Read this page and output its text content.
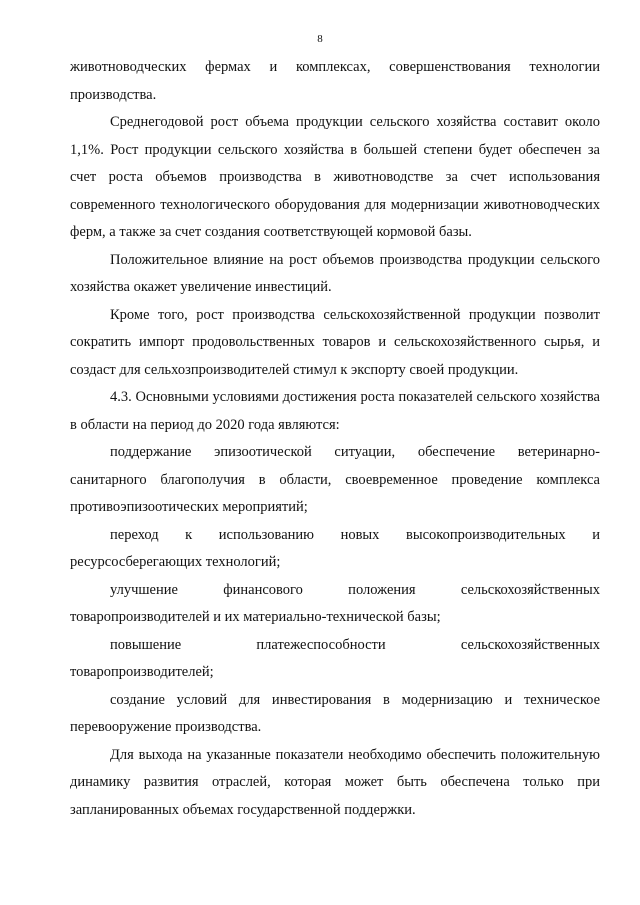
8

животноводческих фермах и комплексах, совершенствования технологии производства.

Среднегодовой рост объема продукции сельского хозяйства составит около 1,1%. Рост продукции сельского хозяйства в большей степени будет обеспечен за счет роста объемов производства в животноводстве за счет использования современного технологического оборудования для модернизации животноводческих ферм, а также за счет создания соответствующей кормовой базы.

Положительное влияние на рост объемов производства продукции сельского хозяйства окажет увеличение инвестиций.

Кроме того, рост производства сельскохозяйственной продукции позволит сократить импорт продовольственных товаров и сельскохозяйственного сырья, и создаст для сельхозпроизводителей стимул к экспорту своей продукции.

4.3. Основными условиями достижения роста показателей сельского хозяйства в области на период до 2020 года являются:

поддержание эпизоотической ситуации, обеспечение ветеринарно-санитарного благополучия в области, своевременное проведение комплекса противоэпизоотических мероприятий;

переход к использованию новых высокопроизводительных и ресурсосберегающих технологий;

улучшение финансового положения сельскохозяйственных товаропроизводителей и их материально-технической базы;

повышение платежеспособности сельскохозяйственных товаропроизводителей;

создание условий для инвестирования в модернизацию и техническое перевооружение производства.

Для выхода на указанные показатели необходимо обеспечить положительную динамику развития отраслей, которая может быть обеспечена только при запланированных объемах государственной поддержки.
